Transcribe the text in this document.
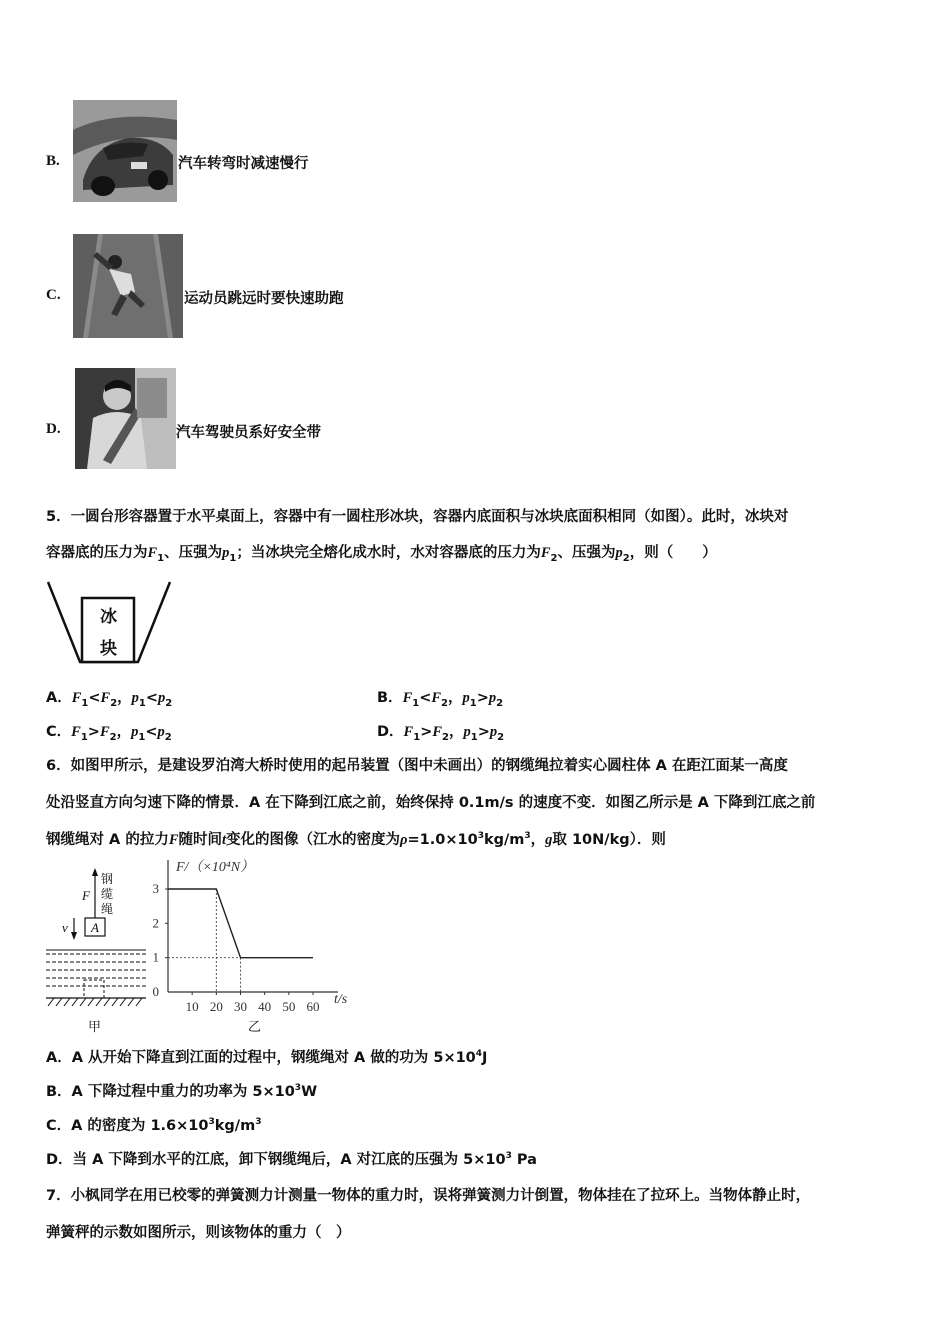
B.	汽车转弯时减速慢行
C.	运动员跳远时要快速助跑
D.	汽车驾驶员系好安全带
5．一圆台形容器置于水平桌面上，容器中有一圆柱形冰块，容器内底面积与冰块底面积相同（如图）。此时，冰块对
容器底的压力为$F_1$、压强为$p_1$；当冰块完全熔化成水时，水对容器底的压力为$F_2$、压强为$p_2$，则（　　）
冰
块
A．$F_1<F_2$，$p_1<p_2$	B．$F_1<F_2$，$p_1>p_2$
C．$F_1>F_2$，$p_1<p_2$	D．$F_1>F_2$，$p_1>p_2$
6．如图甲所示，是建设罗泊湾大桥时使用的起吊装置（图中未画出）的钢缆绳拉着实心圆柱体 A 在距江面某一高度
处沿竖直方向匀速下降的情景．A 在下降到江底之前，始终保持 0.1m/s 的速度不变．如图乙所示是 A 下降到江底之前
钢缆绳对 A 的拉力F随时间t变化的图像（江水的密度为$\rho=1.0\times 10^3kg/m^3$，g取 10N/kg）．则
钢
缆
绳
F
v A
甲
1
2
3
0
10 20 30 40 50 60
F/（×10⁴N）
t/s
乙
A．A 从开始下降直到江面的过程中，钢缆绳对 A 做的功为 $5\times 10^4J$
B．A 下降过程中重力的功率为 $5\times 10^3W$
C．A 的密度为 $1.6\times 10^3kg/m^3$
D．当 A 下降到水平的江底，卸下钢缆绳后，A 对江底的压强为 $5\times 10^3$ Pa
7．小枫同学在用已校零的弹簧测力计测量一物体的重力时，误将弹簧测力计倒置，物体挂在了拉环上。当物体静止时，
弹簧秤的示数如图所示，则该物体的重力（　）
